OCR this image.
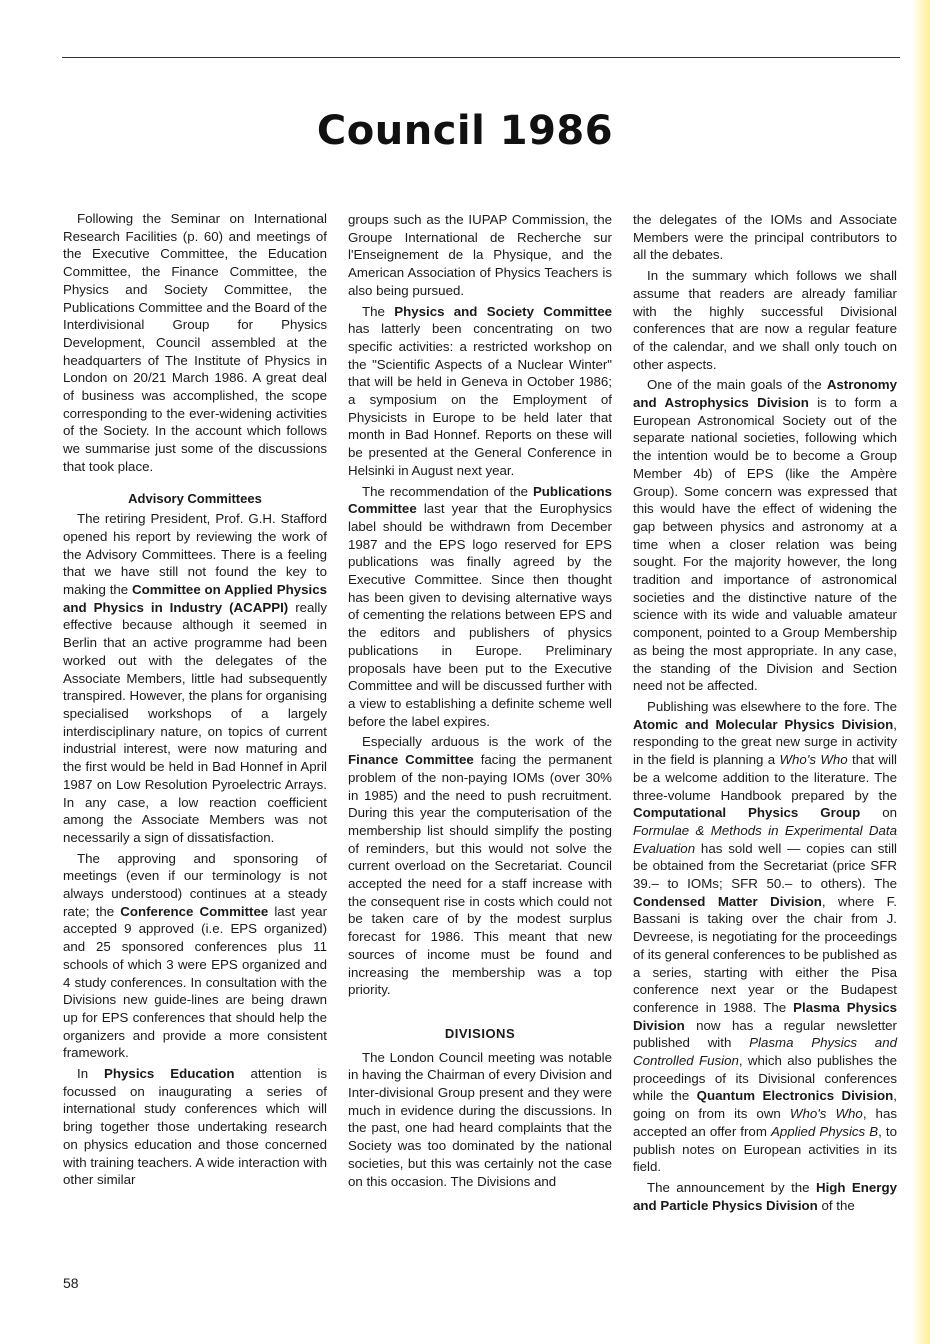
Council 1986

Following the Seminar on International Research Facilities (p. 60) and meetings of the Executive Committee, the Education Committee, the Finance Committee, the Physics and Society Committee, the Publications Committee and the Board of the Interdivisional Group for Physics Development, Council assembled at the headquarters of The Institute of Physics in London on 20/21 March 1986. A great deal of business was accomplished, the scope corresponding to the ever-widening activities of the Society. In the account which follows we summarise just some of the discussions that took place.

Advisory Committees

The retiring President, Prof. G.H. Stafford opened his report by reviewing the work of the Advisory Committees. There is a feeling that we have still not found the key to making the Committee on Applied Physics and Physics in Industry (ACAPPI) really effective because although it seemed in Berlin that an active programme had been worked out with the delegates of the Associate Members, little had subsequently transpired. However, the plans for organising specialised workshops of a largely interdisciplinary nature, on topics of current industrial interest, were now maturing and the first would be held in Bad Honnef in April 1987 on Low Resolution Pyroelectric Arrays. In any case, a low reaction coefficient among the Associate Members was not necessarily a sign of dissatisfaction.

The approving and sponsoring of meetings (even if our terminology is not always understood) continues at a steady rate; the Conference Committee last year accepted 9 approved (i.e. EPS organized) and 25 sponsored conferences plus 11 schools of which 3 were EPS organized and 4 study conferences. In consultation with the Divisions new guide-lines are being drawn up for EPS conferences that should help the organizers and provide a more consistent framework.

In Physics Education attention is focussed on inaugurating a series of international study conferences which will bring together those undertaking research on physics education and those concerned with training teachers. A wide interaction with other similar

groups such as the IUPAP Commission, the Groupe International de Recherche sur l'Enseignement de la Physique, and the American Association of Physics Teachers is also being pursued.

The Physics and Society Committee has latterly been concentrating on two specific activities: a restricted workshop on the "Scientific Aspects of a Nuclear Winter" that will be held in Geneva in October 1986; a symposium on the Employment of Physicists in Europe to be held later that month in Bad Honnef. Reports on these will be presented at the General Conference in Helsinki in August next year.

The recommendation of the Publications Committee last year that the Europhysics label should be withdrawn from December 1987 and the EPS logo reserved for EPS publications was finally agreed by the Executive Committee. Since then thought has been given to devising alternative ways of cementing the relations between EPS and the editors and publishers of physics publications in Europe. Preliminary proposals have been put to the Executive Committee and will be discussed further with a view to establishing a definite scheme well before the label expires.

Especially arduous is the work of the Finance Committee facing the permanent problem of the non-paying IOMs (over 30% in 1985) and the need to push recruitment. During this year the computerisation of the membership list should simplify the posting of reminders, but this would not solve the current overload on the Secretariat. Council accepted the need for a staff increase with the consequent rise in costs which could not be taken care of by the modest surplus forecast for 1986. This meant that new sources of income must be found and increasing the membership was a top priority.

DIVISIONS

The London Council meeting was notable in having the Chairman of every Division and Inter-divisional Group present and they were much in evidence during the discussions. In the past, one had heard complaints that the Society was too dominated by the national societies, but this was certainly not the case on this occasion. The Divisions and

the delegates of the IOMs and Associate Members were the principal contributors to all the debates.

In the summary which follows we shall assume that readers are already familiar with the highly successful Divisional conferences that are now a regular feature of the calendar, and we shall only touch on other aspects.

One of the main goals of the Astronomy and Astrophysics Division is to form a European Astronomical Society out of the separate national societies, following which the intention would be to become a Group Member 4b) of EPS (like the Ampère Group). Some concern was expressed that this would have the effect of widening the gap between physics and astronomy at a time when a closer relation was being sought. For the majority however, the long tradition and importance of astronomical societies and the distinctive nature of the science with its wide and valuable amateur component, pointed to a Group Membership as being the most appropriate. In any case, the standing of the Division and Section need not be affected.

Publishing was elsewhere to the fore. The Atomic and Molecular Physics Division, responding to the great new surge in activity in the field is planning a Who's Who that will be a welcome addition to the literature. The three-volume Handbook prepared by the Computational Physics Group on Formulae & Methods in Experimental Data Evaluation has sold well — copies can still be obtained from the Secretariat (price SFR 39.– to IOMs; SFR 50.– to others). The Condensed Matter Division, where F. Bassani is taking over the chair from J. Devreese, is negotiating for the proceedings of its general conferences to be published as a series, starting with either the Pisa conference next year or the Budapest conference in 1988. The Plasma Physics Division now has a regular newsletter published with Plasma Physics and Controlled Fusion, which also publishes the proceedings of its Divisional conferences while the Quantum Electronics Division, going on from its own Who's Who, has accepted an offer from Applied Physics B, to publish notes on European activities in its field.

The announcement by the High Energy and Particle Physics Division of the

58
